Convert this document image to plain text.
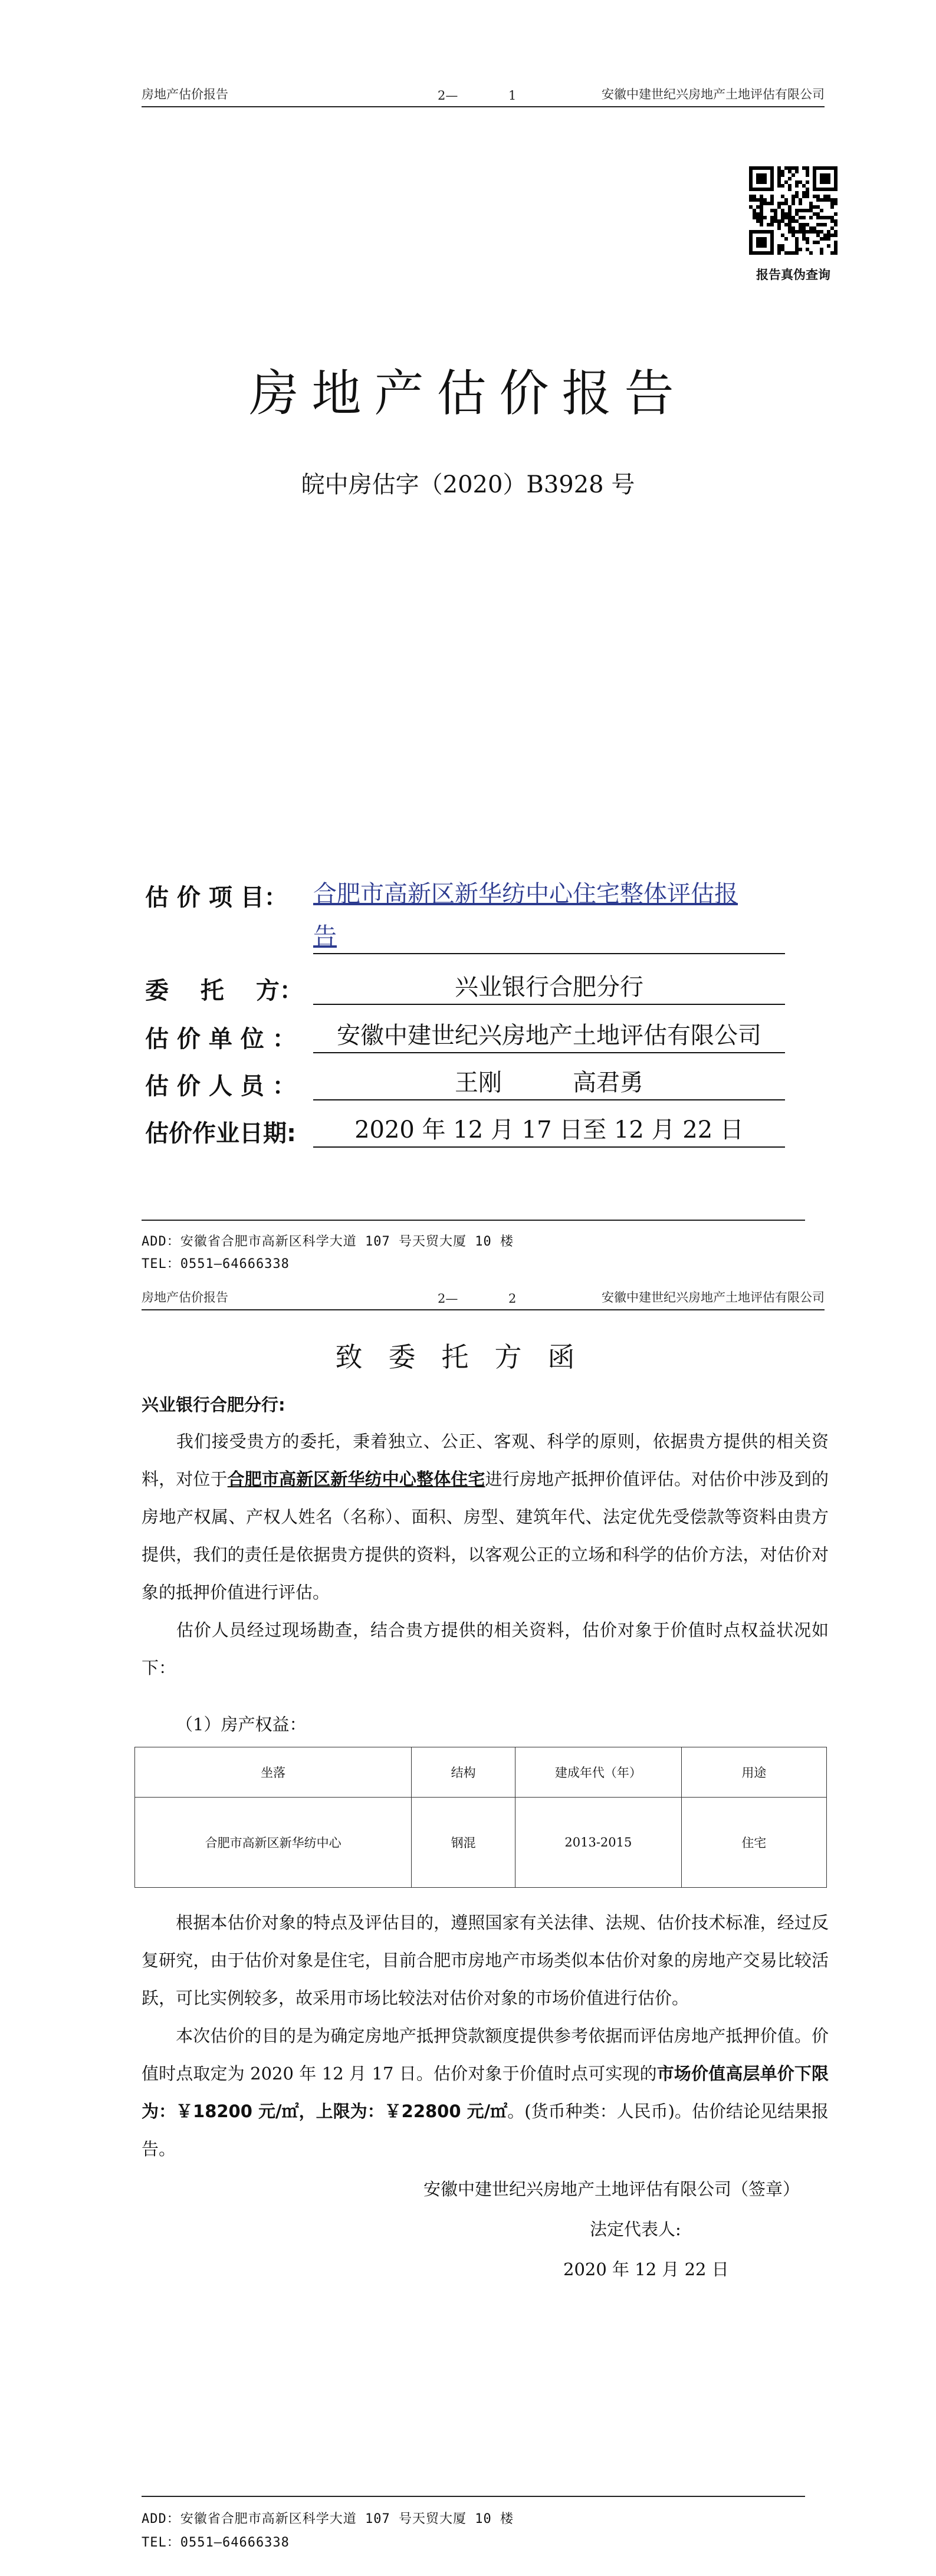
房地产估价报告	2—	1	安徽中建世纪兴房地产土地评估有限公司
报告真伪查询
房地产估价报告
皖中房估字（2020）B3928 号
估 价 项 目： 合肥市高新区新华纺中心住宅整体评估报
告
委　 托 　方：	兴业银行合肥分行
估 价 单 位 ：	安徽中建世纪兴房地产土地评估有限公司
估 价 人 员 ：	王刚　　　高君勇
估价作业日期:	2020 年 12 月 17 日至 12 月 22 日
ADD：安徽省合肥市高新区科学大道 107 号天贸大厦 10 楼
TEL：0551—64666338
房地产估价报告	2—	2	安徽中建世纪兴房地产土地评估有限公司
致委托方函
兴业银行合肥分行:
我们接受贵方的委托，秉着独立、公正、客观、科学的原则，依据贵方提供的相关资料，对位于合肥市高新区新华纺中心整体住宅进行房地产抵押价值评估。对估价中涉及到的房地产权属、产权人姓名（名称）、面积、房型、建筑年代、法定优先受偿款等资料由贵方提供，我们的责任是依据贵方提供的资料，以客观公正的立场和科学的估价方法，对估价对象的抵押价值进行评估。
估价人员经过现场勘查，结合贵方提供的相关资料，估价对象于价值时点权益状况如下：
（1）房产权益：
坐落	结构	建成年代（年）	用途
合肥市高新区新华纺中心	钢混	2013-2015	住宅
根据本估价对象的特点及评估目的，遵照国家有关法律、法规、估价技术标准，经过反复研究，由于估价对象是住宅，目前合肥市房地产市场类似本估价对象的房地产交易比较活跃，可比实例较多，故采用市场比较法对估价对象的市场价值进行估价。
本次估价的目的是为确定房地产抵押贷款额度提供参考依据而评估房地产抵押价值。价值时点取定为 2020 年 12 月 17 日。估价对象于价值时点可实现的市场价值高层单价下限为：￥18200 元/㎡，上限为：￥22800 元/㎡。(货币种类：人民币)。估价结论见结果报告。
安徽中建世纪兴房地产土地评估有限公司（签章）
法定代表人:
2020 年 12 月 22 日
ADD：安徽省合肥市高新区科学大道 107 号天贸大厦 10 楼
TEL：0551—64666338
